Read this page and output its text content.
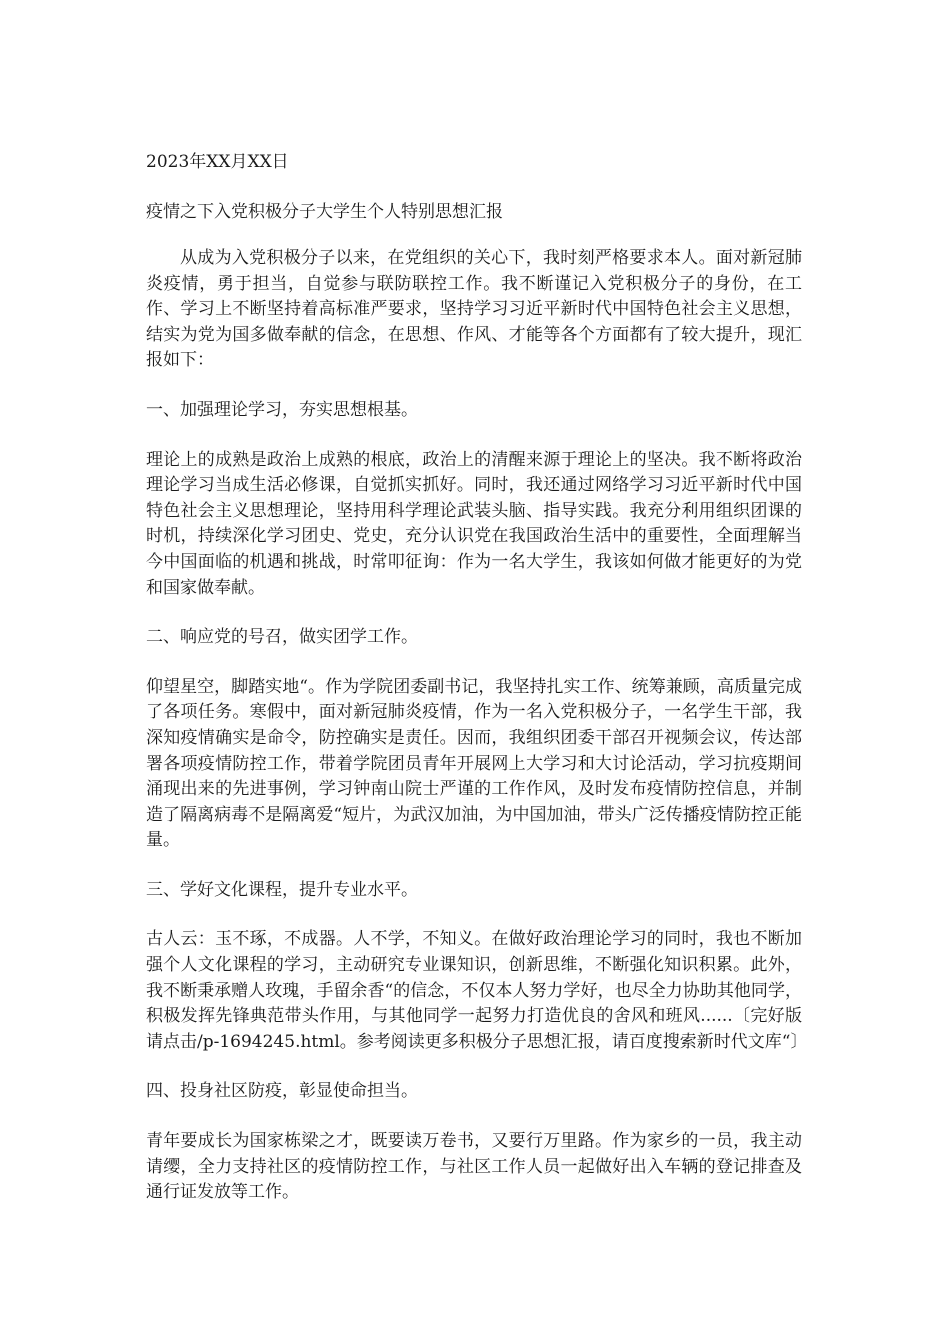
2023年XX月XX日
疫情之下入党积极分子大学生个人特别思想汇报

从成为入党积极分子以来，在党组织的关心下，我时刻严格要求本人。面对新冠肺炎疫情，勇于担当，自觉参与联防联控工作。我不断谨记入党积极分子的身份，在工作、学习上不断坚持着高标准严要求，坚持学习习近平新时代中国特色社会主义思想，结实为党为国多做奉献的信念，在思想、作风、才能等各个方面都有了较大提升，现汇报如下：

一、加强理论学习，夯实思想根基。

理论上的成熟是政治上成熟的根底，政治上的清醒来源于理论上的坚决。我不断将政治理论学习当成生活必修课，自觉抓实抓好。同时，我还通过网络学习习近平新时代中国特色社会主义思想理论，坚持用科学理论武装头脑、指导实践。我充分利用组织团课的时机，持续深化学习团史、党史，充分认识党在我国政治生活中的重要性，全面理解当今中国面临的机遇和挑战，时常叩征询：作为一名大学生，我该如何做才能更好的为党和国家做奉献。

二、响应党的号召，做实团学工作。

仰望星空，脚踏实地“。作为学院团委副书记，我坚持扎实工作、统筹兼顾，高质量完成了各项任务。寒假中，面对新冠肺炎疫情，作为一名入党积极分子，一名学生干部，我深知疫情确实是命令，防控确实是责任。因而，我组织团委干部召开视频会议，传达部署各项疫情防控工作，带着学院团员青年开展网上大学习和大讨论活动，学习抗疫期间涌现出来的先进事例，学习钟南山院士严谨的工作作风，及时发布疫情防控信息，并制造了隔离病毒不是隔离爱“短片，为武汉加油，为中国加油，带头广泛传播疫情防控正能量。

三、学好文化课程，提升专业水平。

古人云：玉不琢，不成器。人不学，不知义。在做好政治理论学习的同时，我也不断加强个人文化课程的学习，主动研究专业课知识，创新思维，不断强化知识积累。此外，我不断秉承赠人玫瑰，手留余香“的信念，不仅本人努力学好，也尽全力协助其他同学，积极发挥先锋典范带头作用，与其他同学一起努力打造优良的舍风和班风......〔完好版请点击/p-1694245.html。参考阅读更多积极分子思想汇报，请百度搜索新时代文库“〕

四、投身社区防疫，彰显使命担当。

青年要成长为国家栋梁之才，既要读万卷书，又要行万里路。作为家乡的一员，我主动请缨，全力支持社区的疫情防控工作，与社区工作人员一起做好出入车辆的登记排查及通行证发放等工作。
